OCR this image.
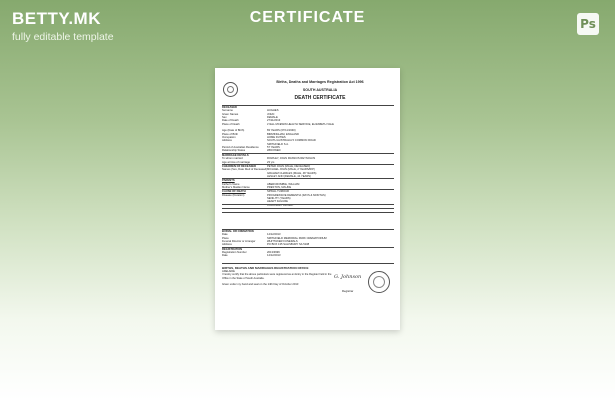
BETTY.MK
fully editable template
CERTIFICATE	Ps
Births, Deaths and Marriages Registration Act 1996
SOUTH AUSTRALIA
DEATH CERTIFICATE
DECEASED
Surname	HUGHES
Given Names	JOHN
Sex	FEMALE
Date of Death	27/11/2013
Place of Death	LYELL MCEWIN HEALTH SERVICE, ELIZABETH VALE
Age (Date of Birth)	83 YEARS (07/11/1930)
Place of Birth	BIRMINGHAM, ENGLAND
Occupation	HOME DUTIES
Address	SOUTH AUSTRALIA 5 COMMON ROAD
SMITHFIELD S.A.
Period of Australian Residence	57 YEARS
Relationship Status	WIDOWED
MARRIAGE DETAILS
To whom married	ROWLEY, JOHN FRANCIS REYNOLDS
Age at time of marriage	23 yrs
CHILDREN OF DECEASED	PETER JOHN (MALE, DECEASED)
Names (Sex, Date Died of Deceased) MICHAEL JOHN (MALE, 2 YEARS/RIP)
GRAHAM CHARLES (MALE, 48 YEARS)
LESLEY ANN (FEMALE, 44 YEARS)
PARENTS
Father's Name	ABERCROMBIE, WILLIAM
Mother's Maiden Name	PRESTON, MAUDE
CAUSE OF DEATH	SPINAL TUMOUR
Disease (Duration)	PROGRESSIVE DEMENTIA (DAYS & MONTHS)
SENILITY (YEARS)
HEART FAILURE
CORONARY ARTERY
BURIAL OR CREMATION
Date	14/12/2013
Place	SMITHFIELD MEMORIAL PARK CREMATORIUM
Funeral Director or Arranger	WHITTAKER FUNERALS
Address	PO BOX 135 SALISBURY SA 5108
REGISTRATION
Registration Number	2013/3996
Date	14/12/2013
BIRTHS, DEATHS AND MARRIAGES REGISTRATION OFFICE
ADELAIDE
I hereby certify that the above particulars were registered as an Entry in the Register held in the Office in the State of South Australia.
Given under my hand and seal on the 14th Day of October 2013
G. Johnson
Registrar
